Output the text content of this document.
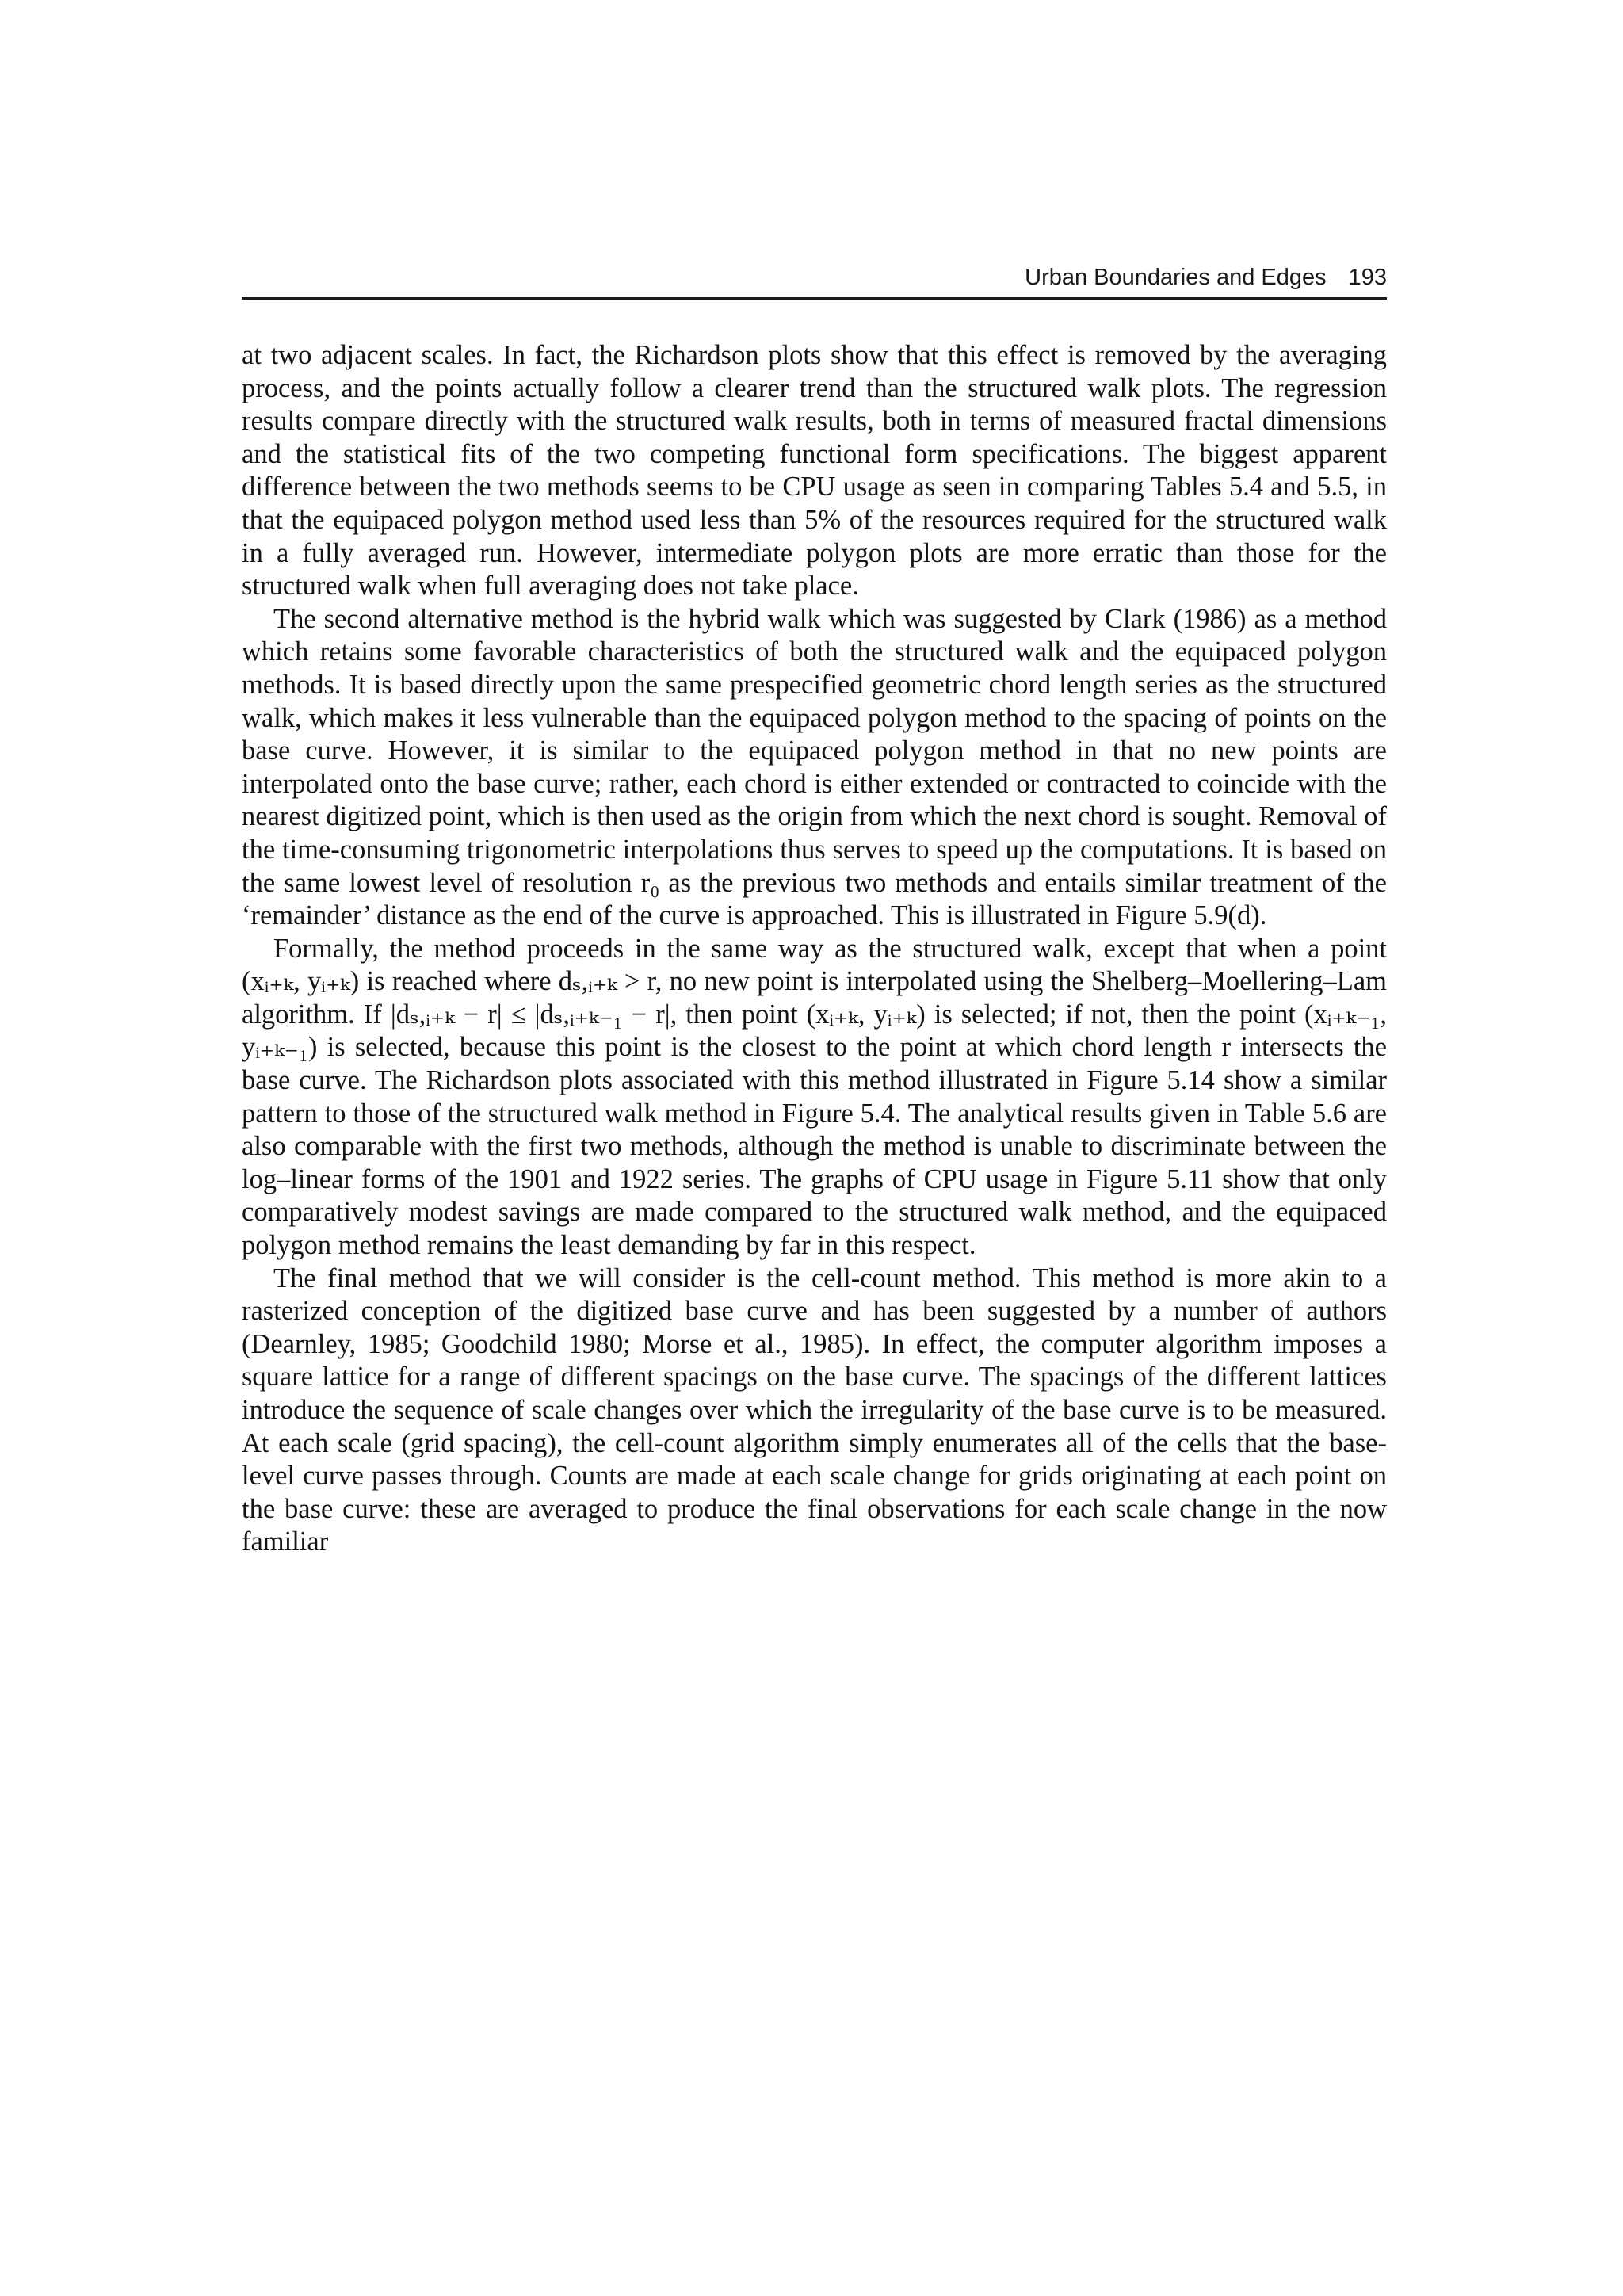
Urban Boundaries and Edges 193

at two adjacent scales. In fact, the Richardson plots show that this effect is removed by the averaging process, and the points actually follow a clearer trend than the structured walk plots. The regression results compare directly with the structured walk results, both in terms of measured fractal dimensions and the statistical fits of the two competing functional form specifications. The biggest apparent difference between the two methods seems to be CPU usage as seen in comparing Tables 5.4 and 5.5, in that the equipaced polygon method used less than 5% of the resources required for the structured walk in a fully averaged run. However, intermediate polygon plots are more erratic than those for the structured walk when full averaging does not take place.

The second alternative method is the hybrid walk which was suggested by Clark (1986) as a method which retains some favorable characteristics of both the structured walk and the equipaced polygon methods. It is based directly upon the same prespecified geometric chord length series as the structured walk, which makes it less vulnerable than the equipaced polygon method to the spacing of points on the base curve. However, it is similar to the equipaced polygon method in that no new points are interpolated onto the base curve; rather, each chord is either extended or contracted to coincide with the nearest digitized point, which is then used as the origin from which the next chord is sought. Removal of the time-consuming trigonometric interpolations thus serves to speed up the computations. It is based on the same lowest level of resolution r₀ as the previous two methods and entails similar treatment of the ‘remainder’ distance as the end of the curve is approached. This is illustrated in Figure 5.9(d).

Formally, the method proceeds in the same way as the structured walk, except that when a point (xᵢ₊ₖ, yᵢ₊ₖ) is reached where dₛ,ᵢ₊ₖ > r, no new point is interpolated using the Shelberg–Moellering–Lam algorithm. If |dₛ,ᵢ₊ₖ − r| ≤ |dₛ,ᵢ₊ₖ₋₁ − r|, then point (xᵢ₊ₖ, yᵢ₊ₖ) is selected; if not, then the point (xᵢ₊ₖ₋₁, yᵢ₊ₖ₋₁) is selected, because this point is the closest to the point at which chord length r intersects the base curve. The Richardson plots associated with this method illustrated in Figure 5.14 show a similar pattern to those of the structured walk method in Figure 5.4. The analytical results given in Table 5.6 are also comparable with the first two methods, although the method is unable to discriminate between the log–linear forms of the 1901 and 1922 series. The graphs of CPU usage in Figure 5.11 show that only comparatively modest savings are made compared to the structured walk method, and the equipaced polygon method remains the least demanding by far in this respect.

The final method that we will consider is the cell-count method. This method is more akin to a rasterized conception of the digitized base curve and has been suggested by a number of authors (Dearnley, 1985; Goodchild 1980; Morse et al., 1985). In effect, the computer algorithm imposes a square lattice for a range of different spacings on the base curve. The spacings of the different lattices introduce the sequence of scale changes over which the irregularity of the base curve is to be measured. At each scale (grid spacing), the cell-count algorithm simply enumerates all of the cells that the base-level curve passes through. Counts are made at each scale change for grids originating at each point on the base curve: these are averaged to produce the final observations for each scale change in the now familiar
